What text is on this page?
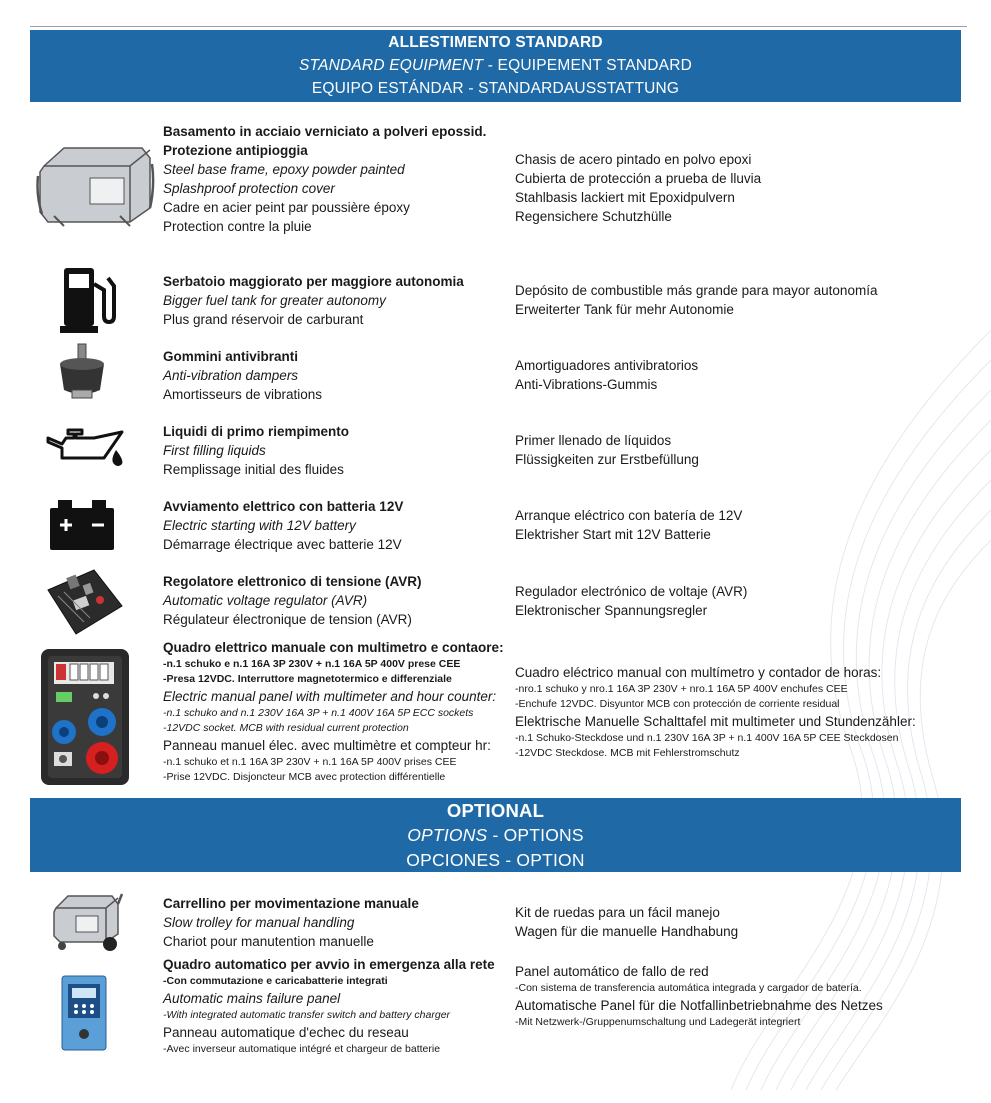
ALLESTIMENTO STANDARD
STANDARD EQUIPMENT - EQUIPEMENT STANDARD
EQUIPO ESTÁNDAR - STANDARDAUSSTATTUNG
Basamento in acciaio verniciato a polveri epossid.
Protezione antipioggia
Steel base frame, epoxy powder painted
Splashproof protection cover
Cadre en acier peint par poussière époxy
Protection contre la pluie
Chasis de acero pintado en polvo epoxi
Cubierta de protección a prueba de lluvia
Stahlbasis lackiert mit Epoxidpulvern
Regensichere Schutzhülle
Serbatoio maggiorato per maggiore autonomia
Bigger fuel tank for greater autonomy
Plus grand réservoir de carburant
Depósito de combustible más grande para mayor autonomía
Erweiterter Tank für mehr Autonomie
Gommini antivibranti
Anti-vibration dampers
Amortisseurs de vibrations
Amortiguadores antivibratorios
Anti-Vibrations-Gummis
Liquidi di primo riempimento
First filling liquids
Remplissage initial des fluides
Primer llenado de líquidos
Flüssigkeiten zur Erstbefüllung
Avviamento elettrico con batteria 12V
Electric starting with 12V battery
Démarrage électrique avec batterie 12V
Arranque eléctrico con batería de 12V
Elektrisher Start mit 12V Batterie
Regolatore elettronico di tensione (AVR)
Automatic voltage regulator (AVR)
Régulateur électronique de tension (AVR)
Regulador electrónico de voltaje (AVR)
Elektronischer Spannungsregler
Quadro elettrico manuale con multimetro e contaore:
-n.1 schuko e n.1 16A 3P 230V + n.1 16A 5P 400V prese CEE
-Presa 12VDC. Interruttore magnetotermico e differenziale
Electric manual panel with multimeter and hour counter:
-n.1 schuko and n.1 230V 16A 3P + n.1 400V 16A 5P ECC sockets
-12VDC socket. MCB with residual current protection
Panneau manuel élec. avec multimètre et compteur hr:
-n.1 schuko et n.1 16A 3P 230V + n.1 16A 5P 400V prises CEE
-Prise 12VDC. Disjoncteur MCB avec protection différentielle
Cuadro eléctrico manual con multímetro y contador de horas:
-nro.1 schuko y nro.1 16A 3P 230V + nro.1 16A 5P 400V enchufes CEE
-Enchufe 12VDC. Disyuntor MCB con protección de corriente residual
Elektrische Manuelle Schalttafel mit multimeter und Stundenzähler:
-n.1 Schuko-Steckdose und n.1 230V 16A 3P + n.1 400V 16A 5P CEE Steckdosen
-12VDC Steckdose. MCB mit Fehlerstromschutz
OPTIONAL
OPTIONS - OPTIONS
OPCIONES - OPTION
Carrellino per movimentazione manuale
Slow trolley for manual handling
Chariot pour manutention manuelle
Kit de ruedas para un fácil manejo
Wagen für die manuelle Handhabung
Quadro automatico per avvio in emergenza alla rete
-Con commutazione e caricabatterie integrati
Automatic mains failure panel
-With integrated automatic transfer switch and battery charger
Panneau automatique d'echec du reseau
-Avec inverseur automatique intégré et chargeur de batterie
Panel automático de fallo de red
-Con sistema de transferencia automática integrada y cargador de batería.
Automatische Panel für die Notfallinbetriebnahme des Netzes
-Mit Netzwerk-/Gruppenumschaltung und Ladegerät integriert
